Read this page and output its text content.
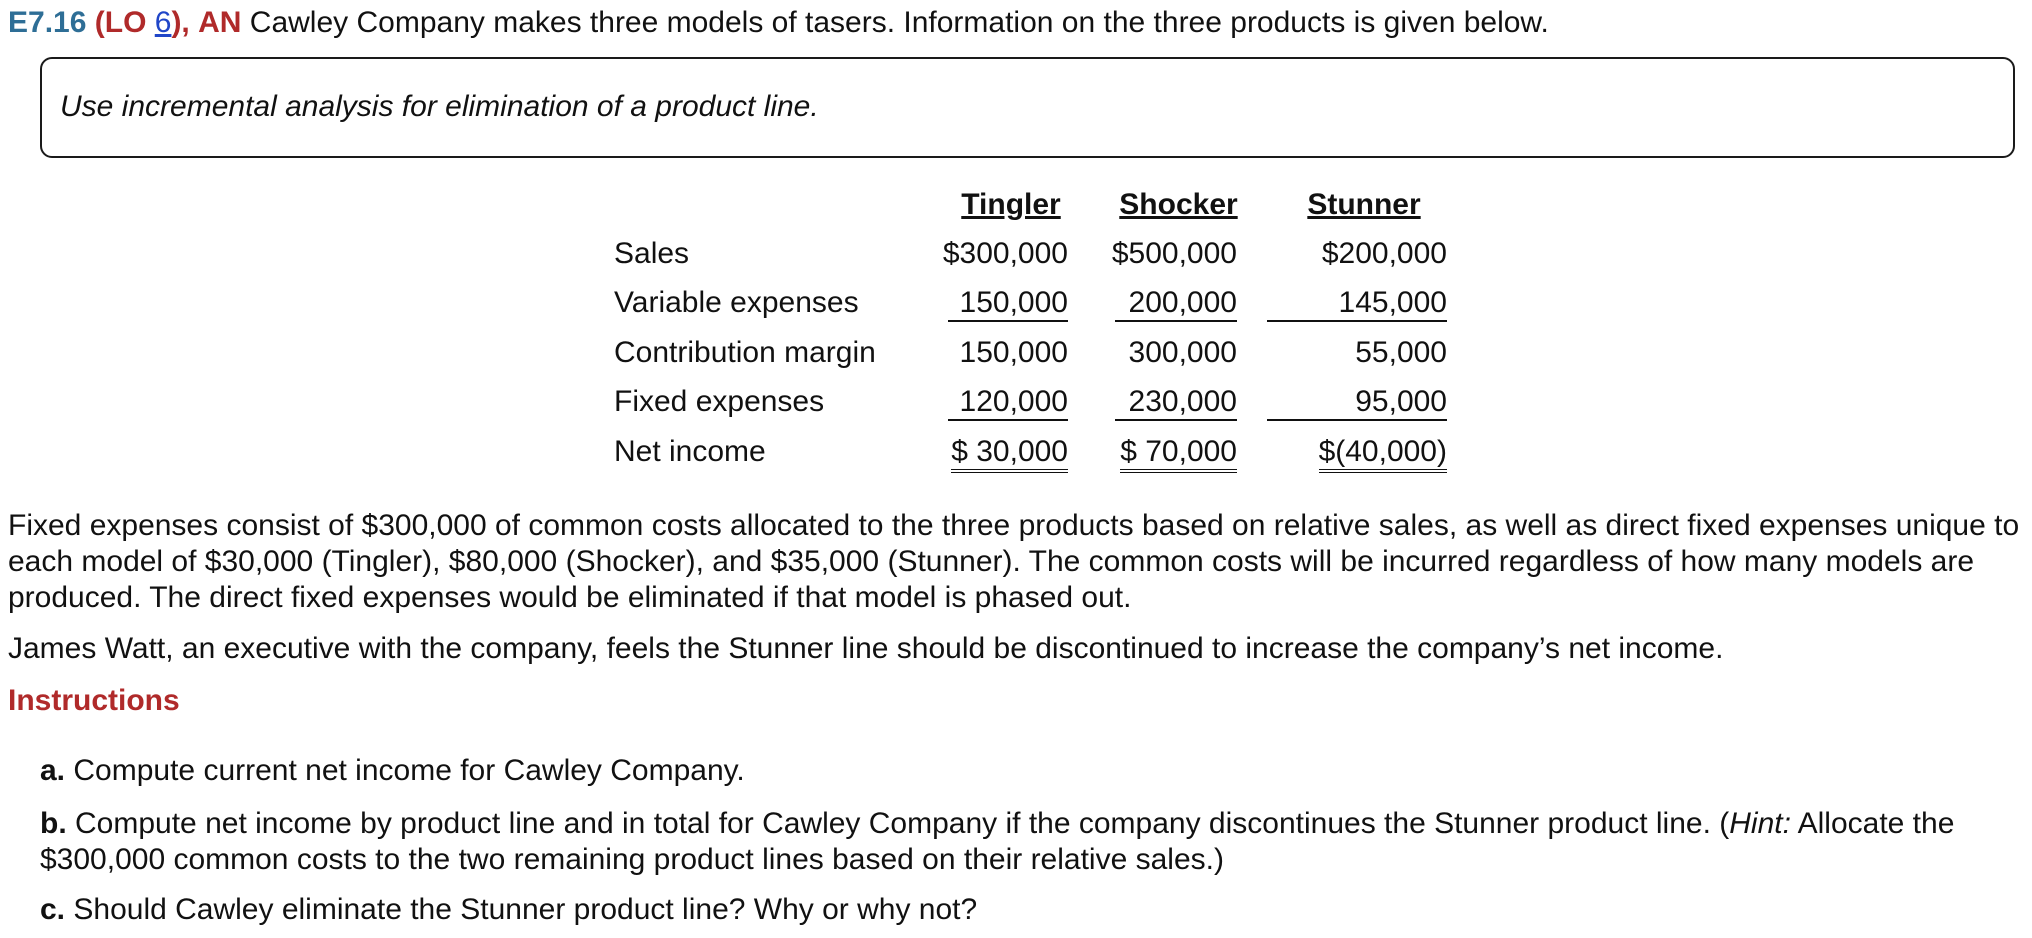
E7.16 (LO 6), AN Cawley Company makes three models of tasers. Information on the three products is given below.
Use incremental analysis for elimination of a product line.
	Tingler	Shocker	Stunner
Sales	$300,000	$500,000	$200,000
Variable expenses	150,000	200,000	145,000
Contribution margin	150,000	300,000	55,000
Fixed expenses	120,000	230,000	95,000
Net income	$ 30,000	$ 70,000	$(40,000)
Fixed expenses consist of $300,000 of common costs allocated to the three products based on relative sales, as well as direct fixed expenses unique to each model of $30,000 (Tingler), $80,000 (Shocker), and $35,000 (Stunner). The common costs will be incurred regardless of how many models are produced. The direct fixed expenses would be eliminated if that model is phased out.
James Watt, an executive with the company, feels the Stunner line should be discontinued to increase the company’s net income.
Instructions
a. Compute current net income for Cawley Company.
b. Compute net income by product line and in total for Cawley Company if the company discontinues the Stunner product line. (Hint: Allocate the $300,000 common costs to the two remaining product lines based on their relative sales.)
c. Should Cawley eliminate the Stunner product line? Why or why not?
